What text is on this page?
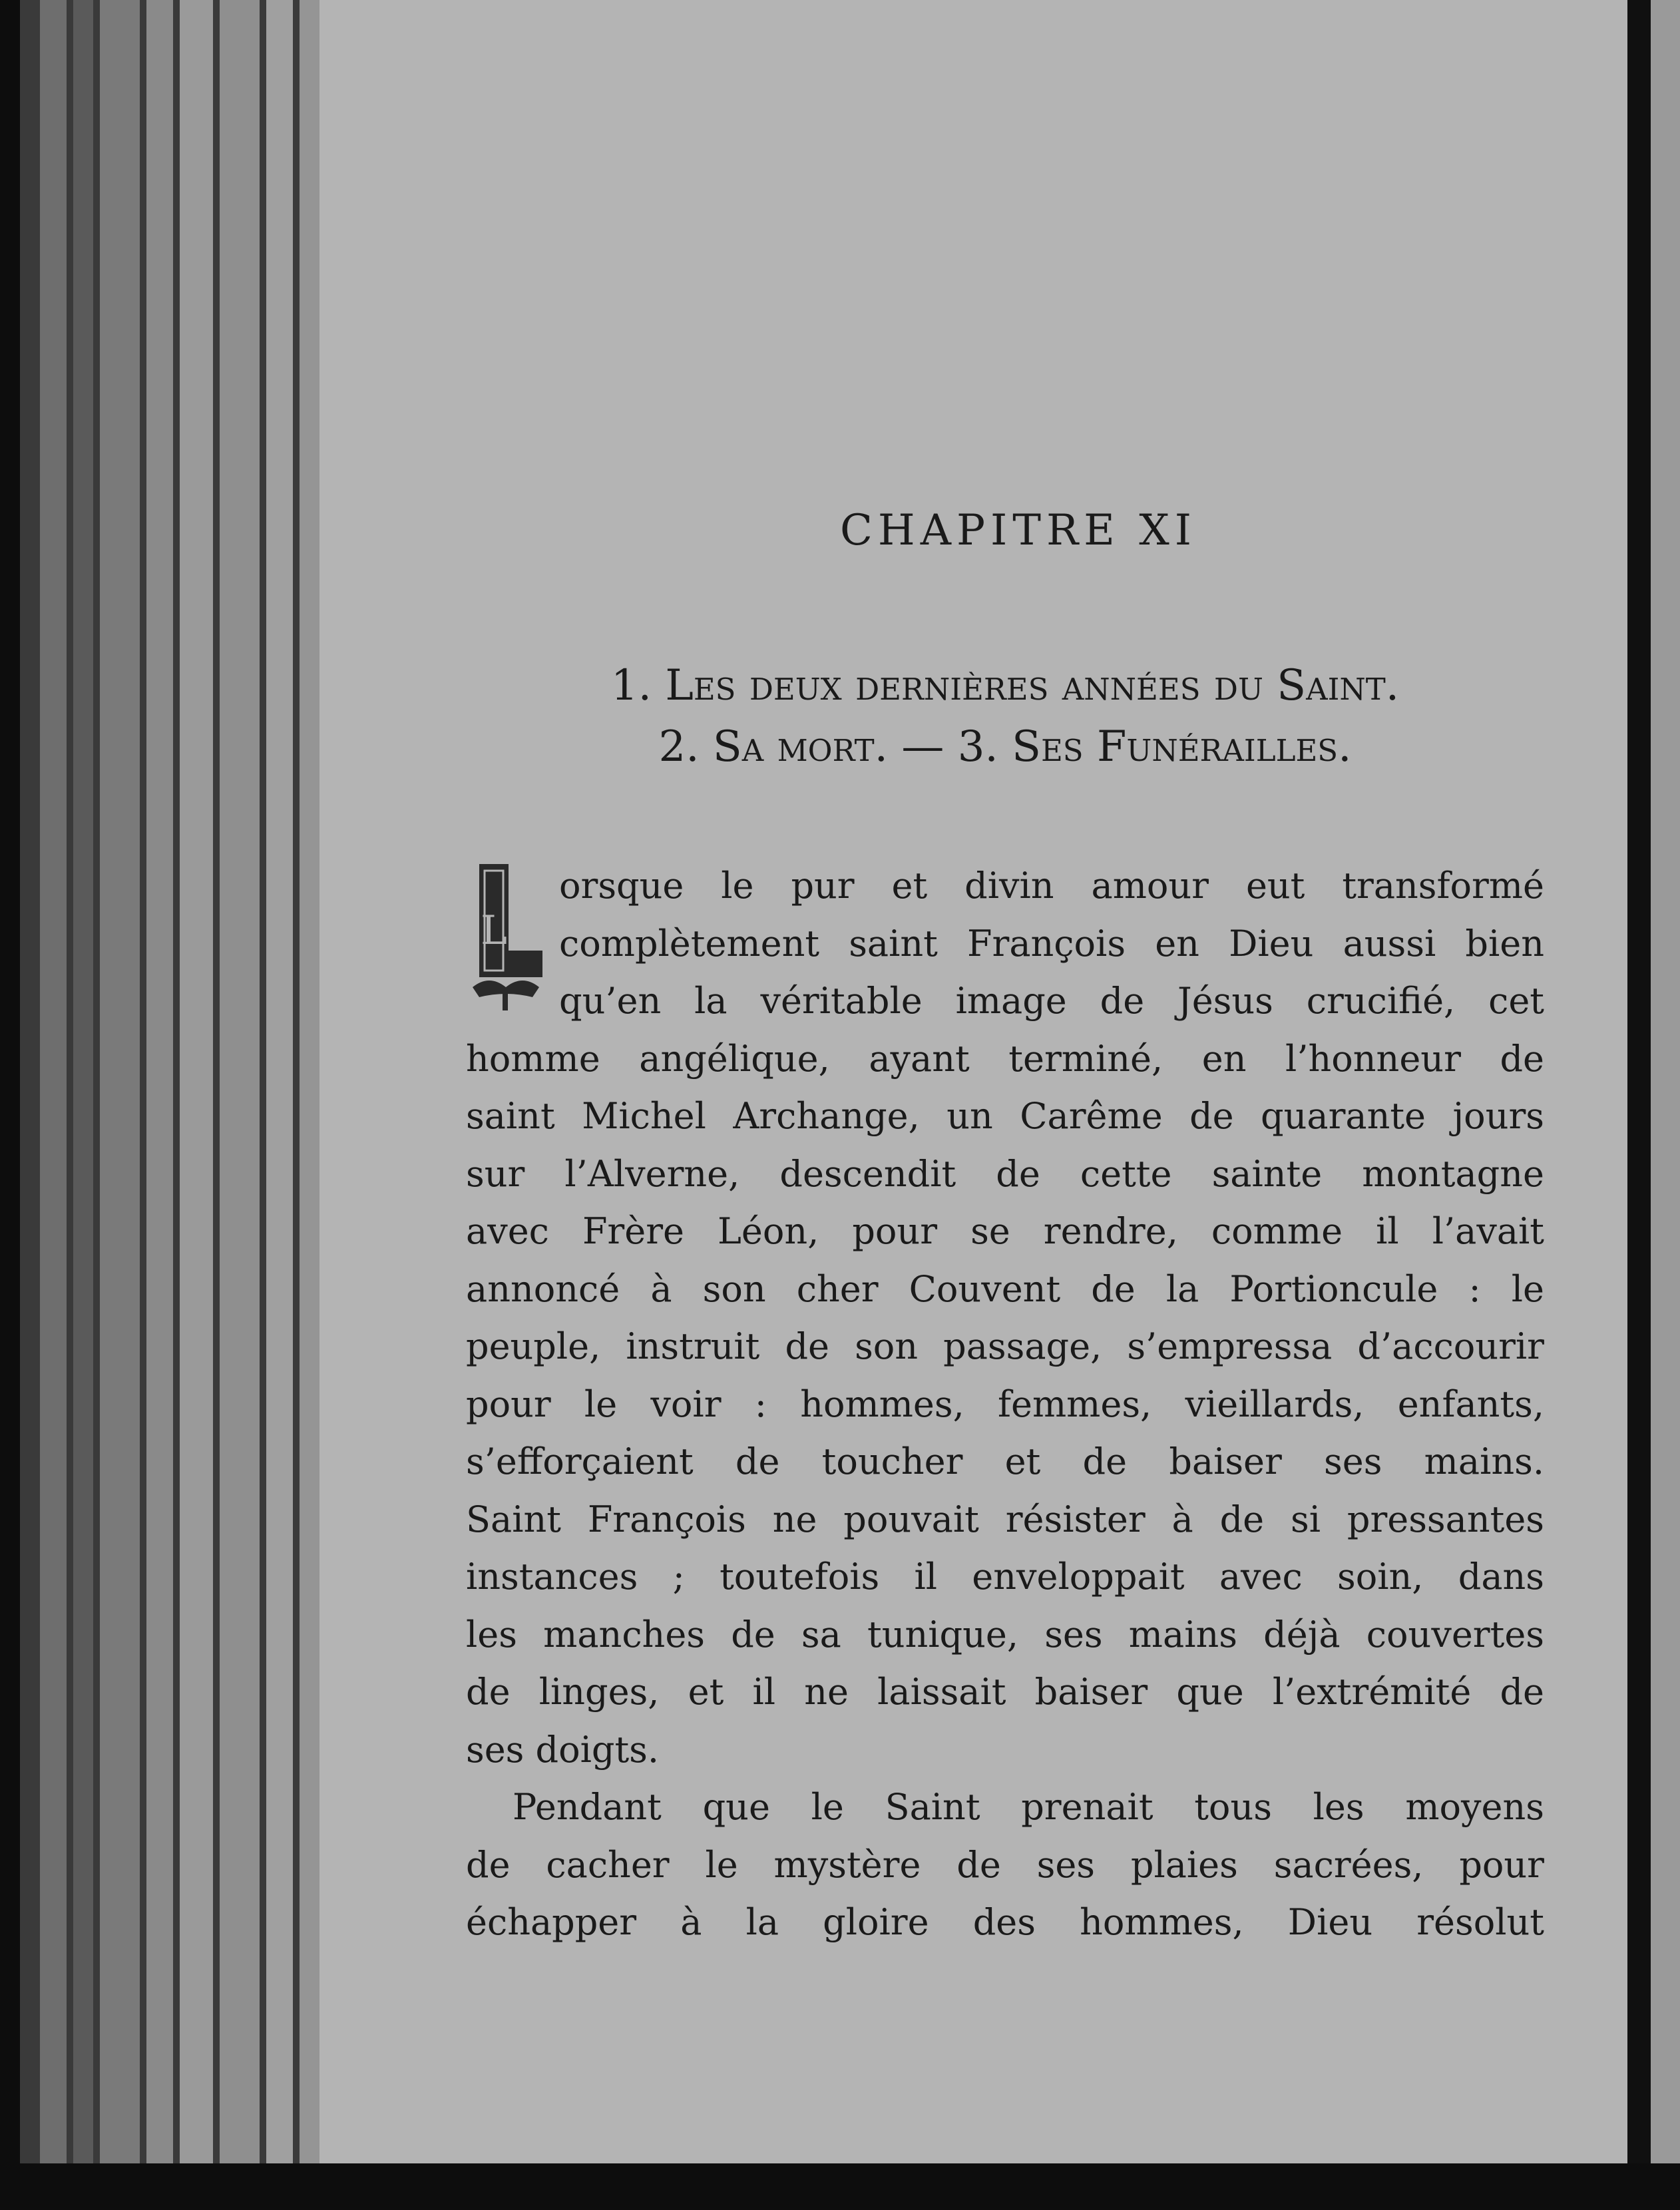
CHAPITRE XI
1. Les deux dernières années du Saint.
2. Sa mort. — 3. Ses Funérailles.
L
orsque le pur et divin amour eut transformé
complètement saint François en Dieu aussi bien
qu’en la véritable image de Jésus crucifié, cet
homme angélique, ayant terminé, en l’honneur de
saint Michel Archange, un Carême de quarante jours
sur l’Alverne, descendit de cette sainte montagne
avec Frère Léon, pour se rendre, comme il l’avait
annoncé à son cher Couvent de la Portioncule : le
peuple, instruit de son passage, s’empressa d’accourir
pour le voir : hommes, femmes, vieillards, enfants,
s’efforçaient de toucher et de baiser ses mains.
Saint François ne pouvait résister à de si pressantes
instances ; toutefois il enveloppait avec soin, dans
les manches de sa tunique, ses mains déjà couvertes
de linges, et il ne laissait baiser que l’extrémité de
ses doigts.
Pendant que le Saint prenait tous les moyens
de cacher le mystère de ses plaies sacrées, pour
échapper à la gloire des hommes, Dieu résolut
